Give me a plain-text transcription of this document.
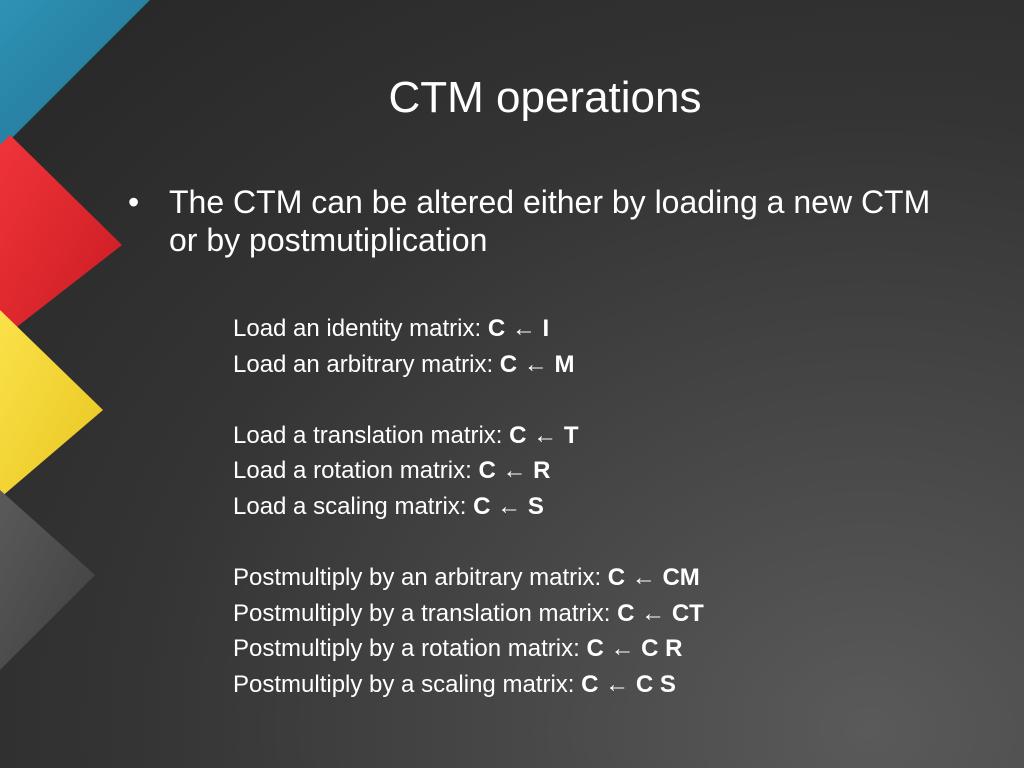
CTM operations
• The CTM can be altered either by loading a new CTM or by postmutiplication
Load an identity matrix: C ← I
Load an arbitrary matrix: C ← M
Load a translation matrix: C ← T
Load a rotation matrix: C ← R
Load a scaling matrix: C ← S
Postmultiply by an arbitrary matrix: C ← CM
Postmultiply by a translation matrix: C ← CT
Postmultiply by a rotation matrix: C ← C R
Postmultiply by a scaling matrix: C ← C S
